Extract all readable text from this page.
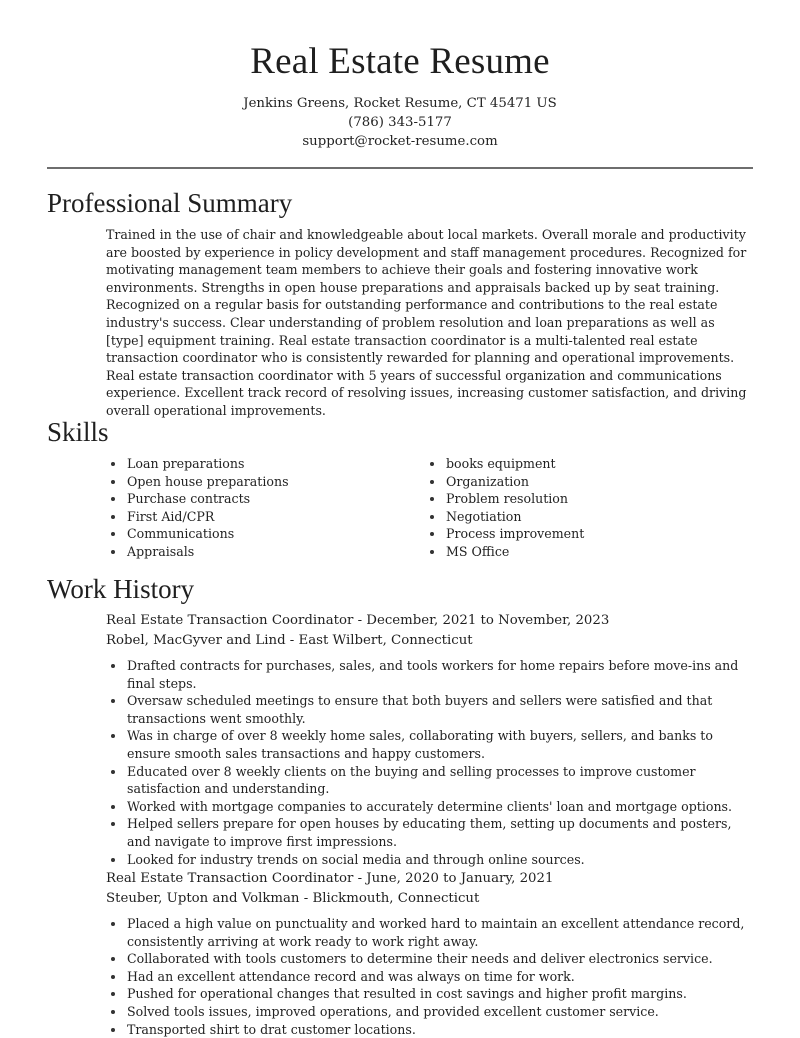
Real Estate Resume
Jenkins Greens, Rocket Resume, CT 45471 US
(786) 343-5177
support@rocket-resume.com
Professional Summary

Trained in the use of chair and knowledgeable about local markets. Overall morale and productivity are boosted by experience in policy development and staff management procedures. Recognized for motivating management team members to achieve their goals and fostering innovative work environments. Strengths in open house preparations and appraisals backed up by seat training. Recognized on a regular basis for outstanding performance and contributions to the real estate industry's success. Clear understanding of problem resolution and loan preparations as well as [type] equipment training. Real estate transaction coordinator is a multi-talented real estate transaction coordinator who is consistently rewarded for planning and operational improvements. Real estate transaction coordinator with 5 years of successful organization and communications experience. Excellent track record of resolving issues, increasing customer satisfaction, and driving overall operational improvements.

Skills
Loan preparations
Open house preparations
Purchase contracts
First Aid/CPR
Communications
Appraisals
books equipment
Organization
Problem resolution
Negotiation
Process improvement
MS Office
Work History
Real Estate Transaction Coordinator - December, 2021 to November, 2023
Robel, MacGyver and Lind - East Wilbert, Connecticut
Drafted contracts for purchases, sales, and tools workers for home repairs before move-ins and final steps.
Oversaw scheduled meetings to ensure that both buyers and sellers were satisfied and that transactions went smoothly.
Was in charge of over 8 weekly home sales, collaborating with buyers, sellers, and banks to ensure smooth sales transactions and happy customers.
Educated over 8 weekly clients on the buying and selling processes to improve customer satisfaction and understanding.
Worked with mortgage companies to accurately determine clients' loan and mortgage options.
Helped sellers prepare for open houses by educating them, setting up documents and posters, and navigate to improve first impressions.
Looked for industry trends on social media and through online sources.
Real Estate Transaction Coordinator - June, 2020 to January, 2021
Steuber, Upton and Volkman - Blickmouth, Connecticut
Placed a high value on punctuality and worked hard to maintain an excellent attendance record, consistently arriving at work ready to work right away.
Collaborated with tools customers to determine their needs and deliver electronics service.
Had an excellent attendance record and was always on time for work.
Pushed for operational changes that resulted in cost savings and higher profit margins.
Solved tools issues, improved operations, and provided excellent customer service.
Transported shirt to drat customer locations.
